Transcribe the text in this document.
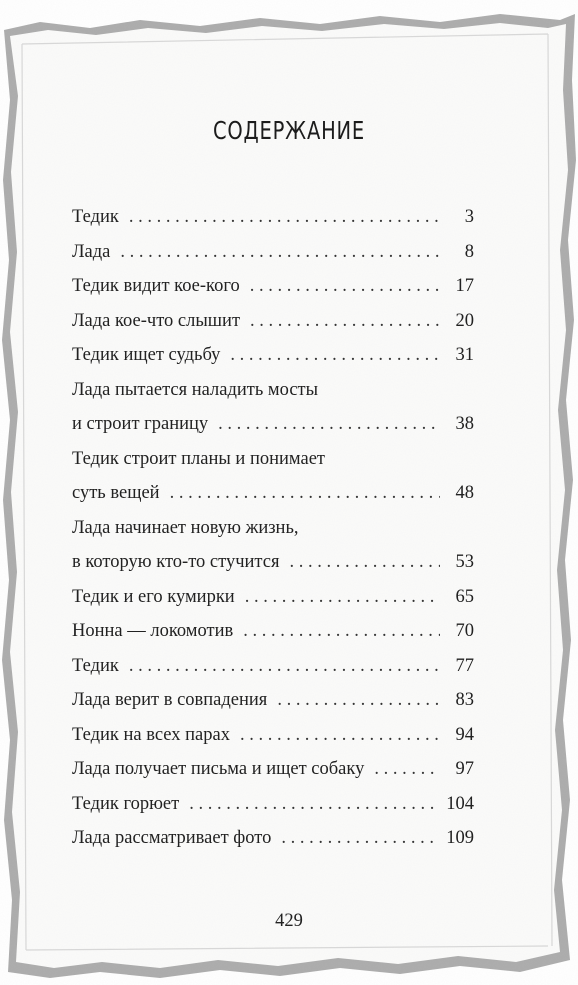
СОДЕРЖАНИЕ
Тедик . . .	3
Лада . . .	8
Тедик видит кое-кого . . .	17
Лада кое-что слышит . . .	20
Тедик ищет судьбу . . .	31
Лада пытается наладить мосты
и строит границу . . .	38
Тедик строит планы и понимает
суть вещей . . .	48
Лада начинает новую жизнь,
в которую кто-то стучится . . .	53
Тедик и его кумирки . . .	65
Нонна — локомотив . . .	70
Тедик . . .	77
Лада верит в совпадения . . .	83
Тедик на всех парах . . .	94
Лада получает письма и ищет собаку . . .	97
Тедик горюет . . .	104
Лада рассматривает фото . . .	109
429
